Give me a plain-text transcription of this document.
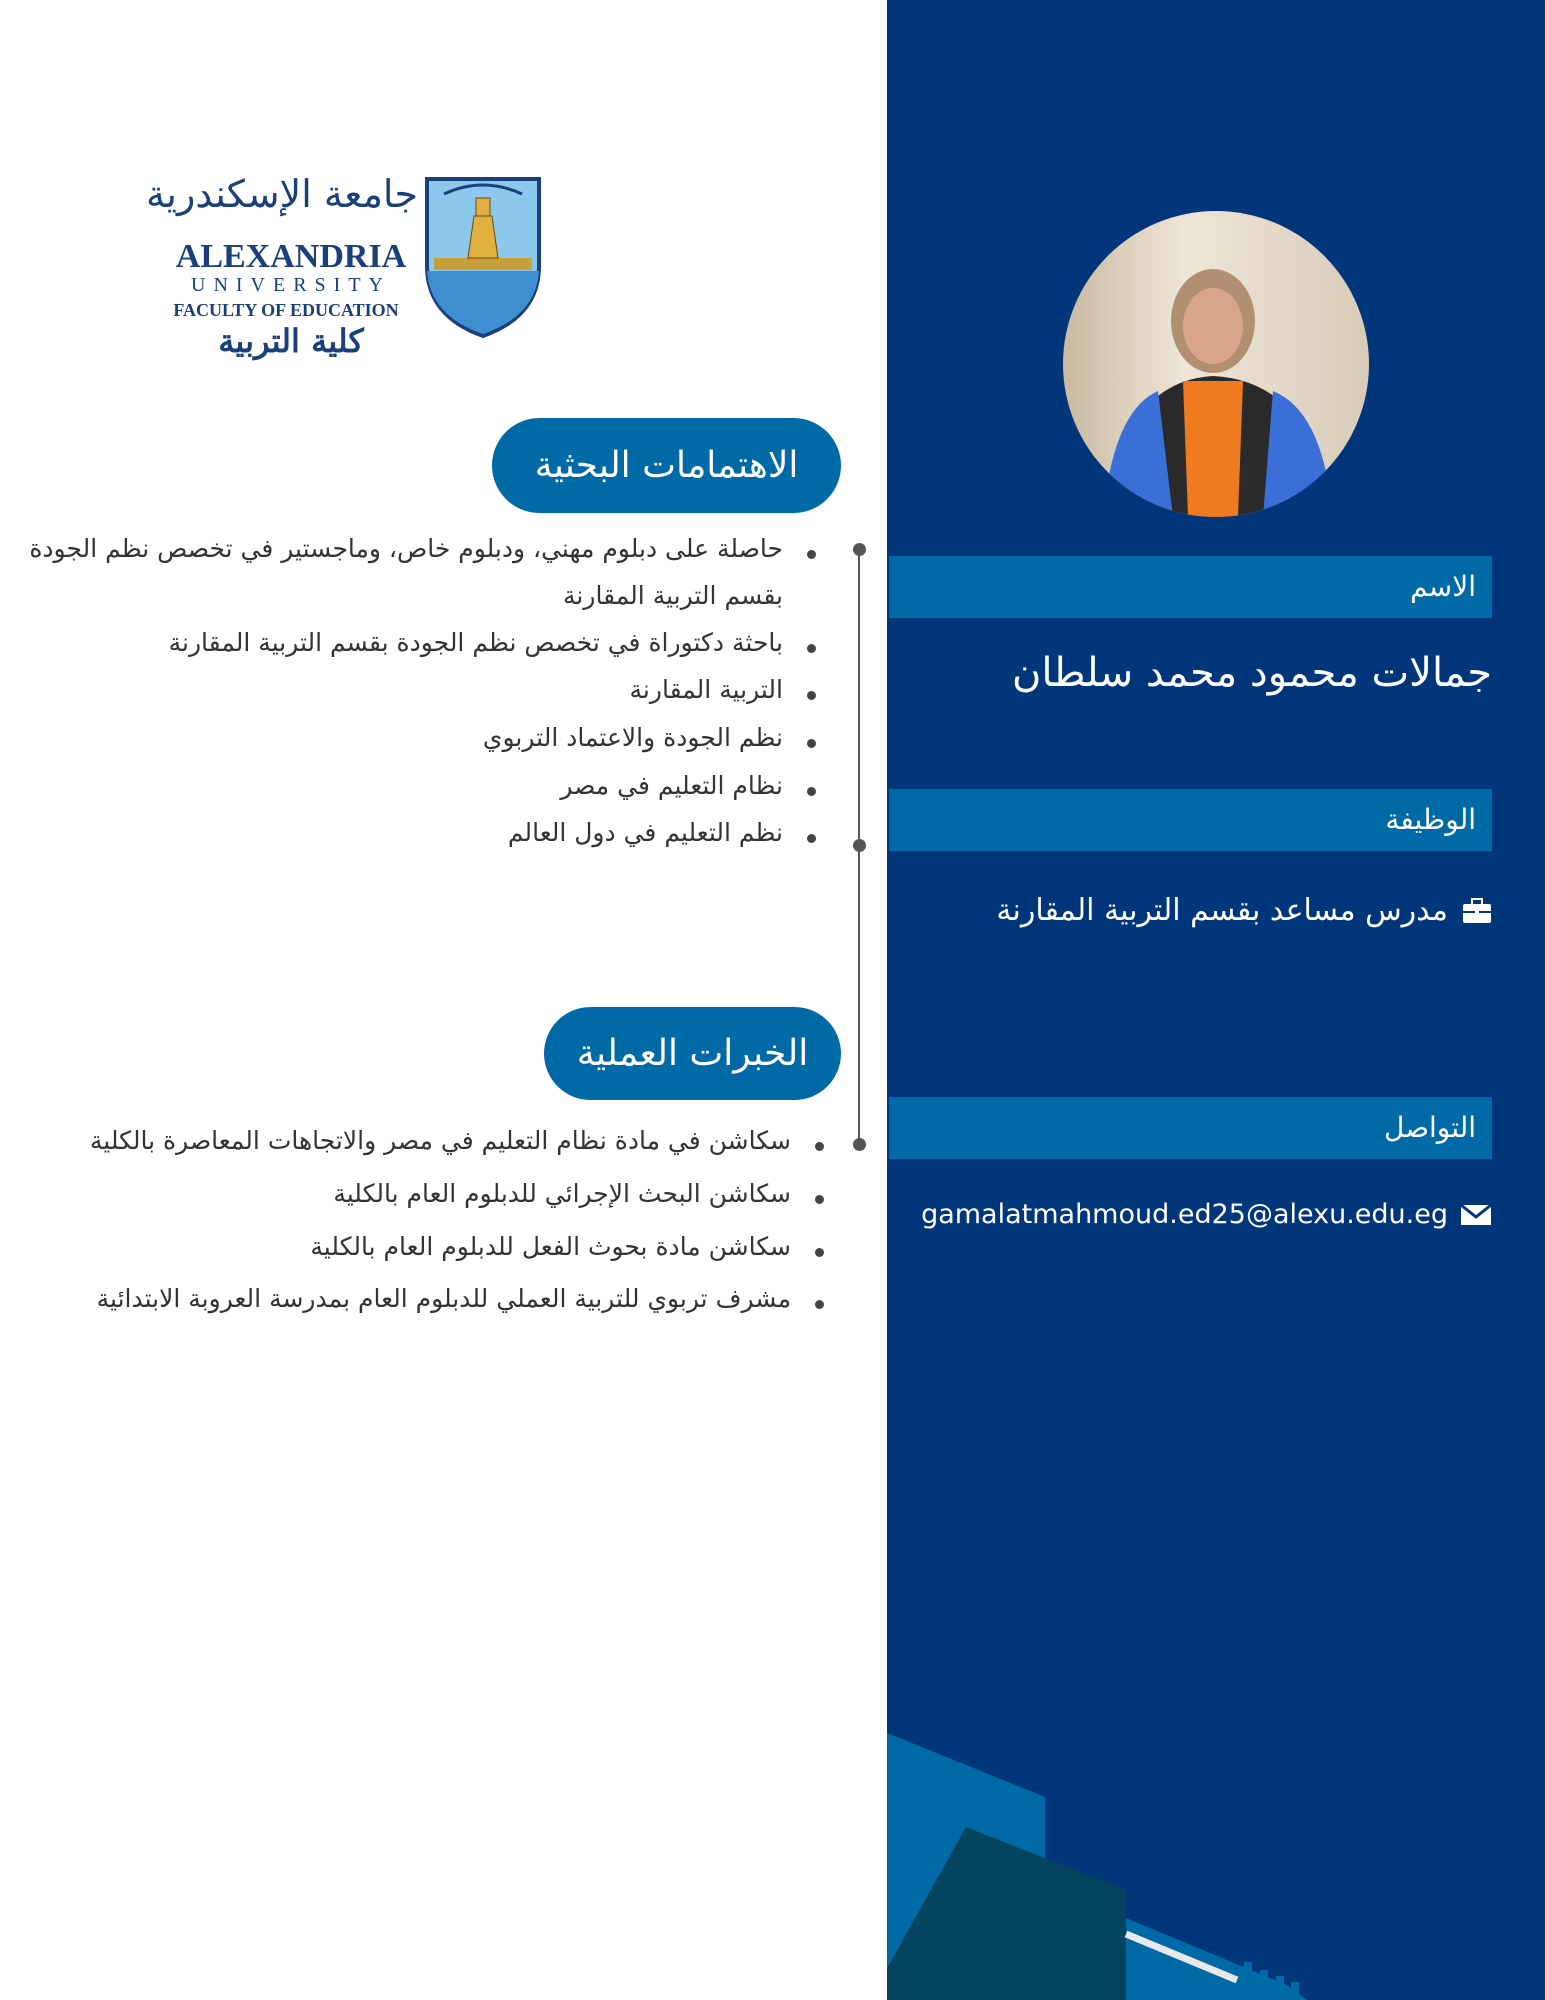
جامعة الإسكندرية
ALEXANDRIA
UNIVERSITY
FACULTY OF EDUCATION
كلية التربية
الاهتمامات البحثية
حاصلة على دبلوم مهني، ودبلوم خاص، وماجستير في تخصص نظم الجودة
بقسم التربية المقارنة
باحثة دكتوراة في تخصص نظم الجودة بقسم التربية المقارنة
التربية المقارنة
نظم الجودة والاعتماد التربوي
نظام التعليم في مصر
نظم التعليم في دول العالم
الخبرات العملية
سكاشن في مادة نظام التعليم في مصر والاتجاهات المعاصرة بالكلية
سكاشن البحث الإجرائي للدبلوم العام بالكلية
سكاشن مادة بحوث الفعل للدبلوم العام بالكلية
مشرف تربوي للتربية العملي للدبلوم العام بمدرسة العروبة الابتدائية
الاسم
جمالات محمود محمد سلطان
الوظيفة
مدرس مساعد بقسم التربية المقارنة
التواصل
gamalatmahmoud.ed25@alexu.edu.eg
